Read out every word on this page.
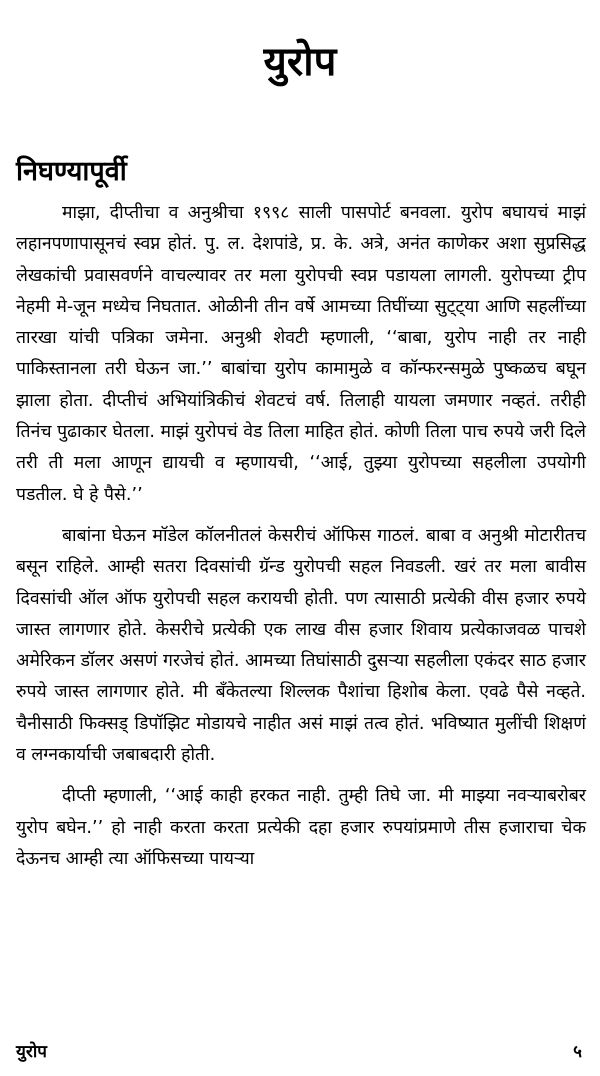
युरोप
निघण्यापूर्वी

माझा, दीप्तीचा व अनुश्रीचा १९९८ साली पासपोर्ट बनवला. युरोप बघायचं माझं लहानपणापासूनचं स्वप्न होतं. पु. ल. देशपांडे, प्र. के. अत्रे, अनंत काणेकर अशा सुप्रसिद्ध लेखकांची प्रवासवर्णने वाचल्यावर तर मला युरोपची स्वप्न पडायला लागली. युरोपच्या ट्रीप नेहमी मे-जून मध्येच निघतात. ओळीनी तीन वर्षे आमच्या तिघींच्या सुट्ट्या आणि सहलींच्या तारखा यांची पत्रिका जमेना. अनुश्री शेवटी म्हणाली, ‘‘बाबा, युरोप नाही तर नाही पाकिस्तानला तरी घेऊन जा.’’ बाबांचा युरोप कामामुळे व कॉन्फरन्समुळे पुष्कळच बघून झाला होता. दीप्तीचं अभियांत्रिकीचं शेवटचं वर्ष. तिलाही यायला जमणार नव्हतं. तरीही तिनंच पुढाकार घेतला. माझं युरोपचं वेड तिला माहित होतं. कोणी तिला पाच रुपये जरी दिले तरी ती मला आणून द्यायची व म्हणायची, ‘‘आई, तुझ्या युरोपच्या सहलीला उपयोगी पडतील. घे हे पैसे.’’

बाबांना घेऊन मॉडेल कॉलनीतलं केसरीचं ऑफिस गाठलं. बाबा व अनुश्री मोटारीतच बसून राहिले. आम्ही सतरा दिवसांची ग्रॅन्ड युरोपची सहल निवडली. खरं तर मला बावीस दिवसांची ऑल ऑफ युरोपची सहल करायची होती. पण त्यासाठी प्रत्येकी वीस हजार रुपये जास्त लागणार होते. केसरीचे प्रत्येकी एक लाख वीस हजार शिवाय प्रत्येकाजवळ पाचशे अमेरिकन डॉलर असणं गरजेचं होतं. आमच्या तिघांसाठी दुसऱ्या सहलीला एकंदर साठ हजार रुपये जास्त लागणार होते. मी बँकेतल्या शिल्लक पैशांचा हिशोब केला. एवढे पैसे नव्हते. चैनीसाठी फिक्सड् डिपॉझिट मोडायचे नाहीत असं माझं तत्व होतं. भविष्यात मुलींची शिक्षणं व लग्नकार्याची जबाबदारी होती.

दीप्ती म्हणाली, ‘‘आई काही हरकत नाही. तुम्ही तिघे जा. मी माझ्या नवऱ्याबरोबर युरोप बघेन.’’ हो नाही करता करता प्रत्येकी दहा हजार रुपयांप्रमाणे तीस हजाराचा चेक देऊनच आम्ही त्या ऑफिसच्या पायऱ्या

युरोप	५
